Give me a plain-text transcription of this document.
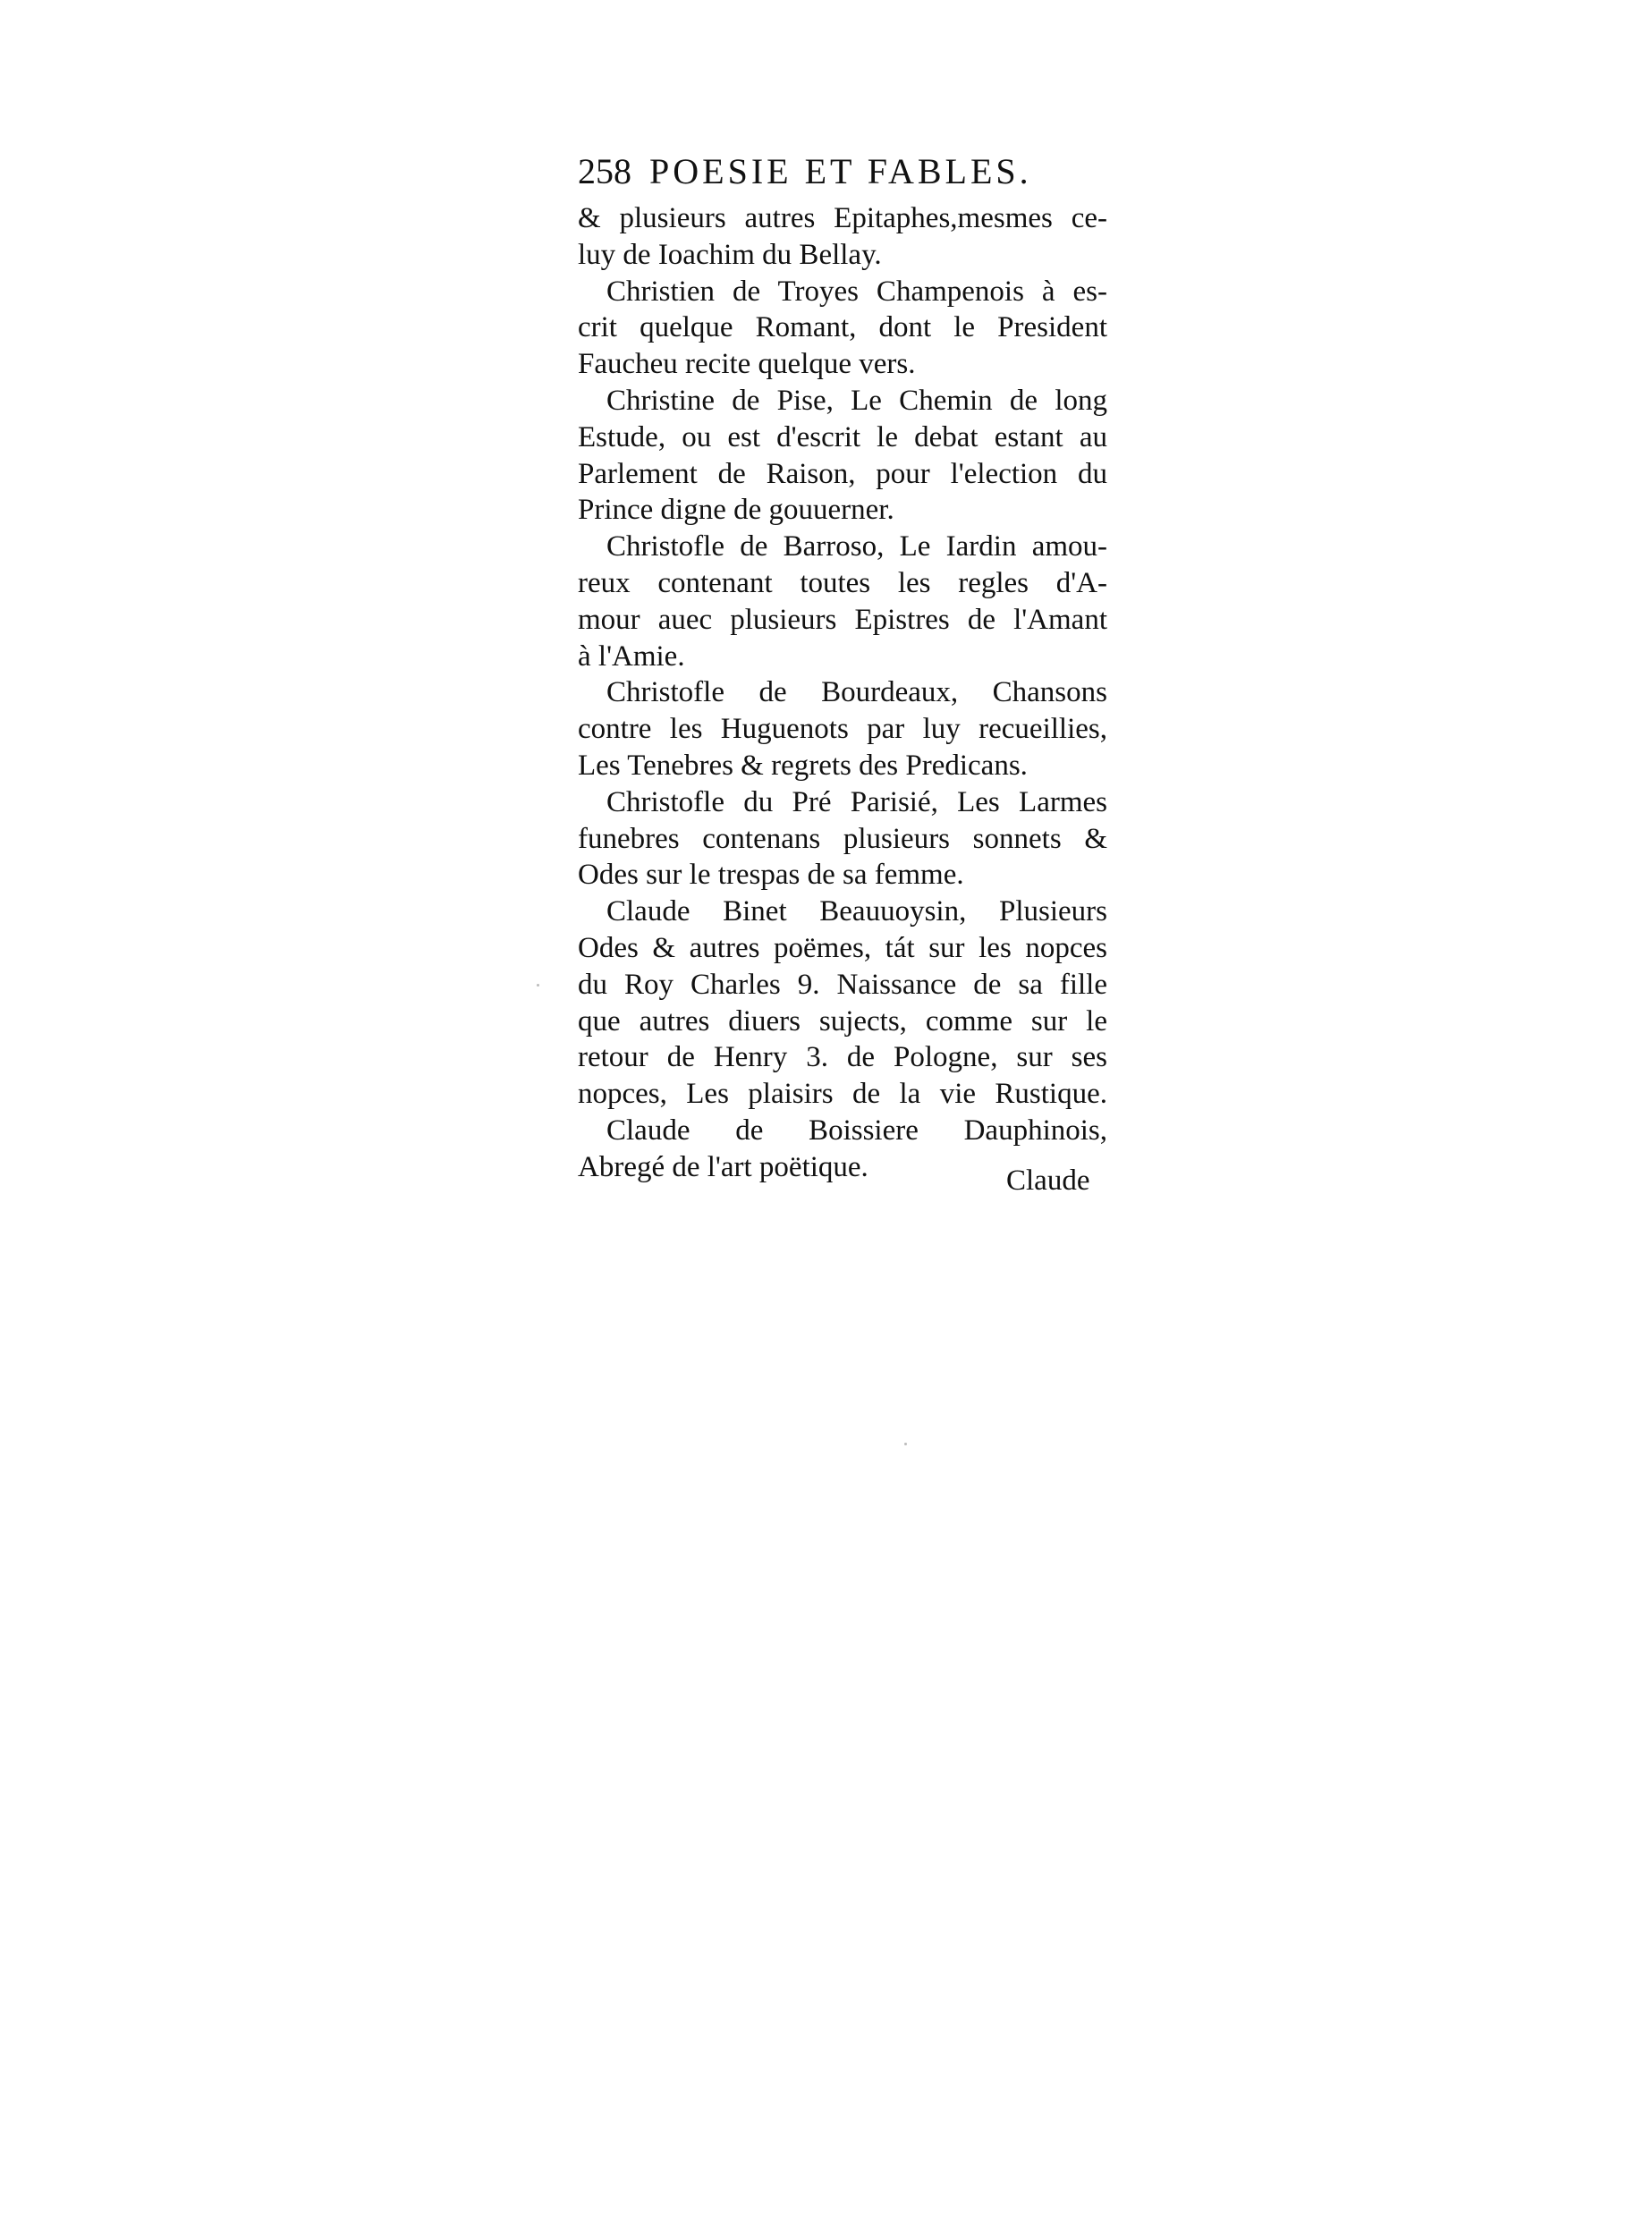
258 POESIE ET FABLES.
& plusieurs autres Epitaphes,mesmes ce-
luy de Ioachim du Bellay.
Christien de Troyes Champenois à es-
crit quelque Romant, dont le President
Faucheu recite quelque vers.
Christine de Pise, Le Chemin de long
Estude, ou est d'escrit le debat estant au
Parlement de Raison, pour l'election du
Prince digne de gouuerner.
Christofle de Barroso, Le Iardin amou-
reux contenant toutes les regles d'A-
mour auec plusieurs Epistres de l'Amant
à l'Amie.
Christofle de Bourdeaux, Chansons
contre les Huguenots par luy recueillies,
Les Tenebres & regrets des Predicans.
Christofle du Pré Parisié, Les Larmes
funebres contenans plusieurs sonnets &
Odes sur le trespas de sa femme.
Claude Binet Beauuoysin, Plusieurs
Odes & autres poëmes, tát sur les nopces
du Roy Charles 9. Naissance de sa fille
que autres diuers sujects, comme sur le
retour de Henry 3. de Pologne, sur ses
nopces, Les plaisirs de la vie Rustique.
Claude de Boissiere Dauphinois,
Abregé de l'art poëtique.	Claude
